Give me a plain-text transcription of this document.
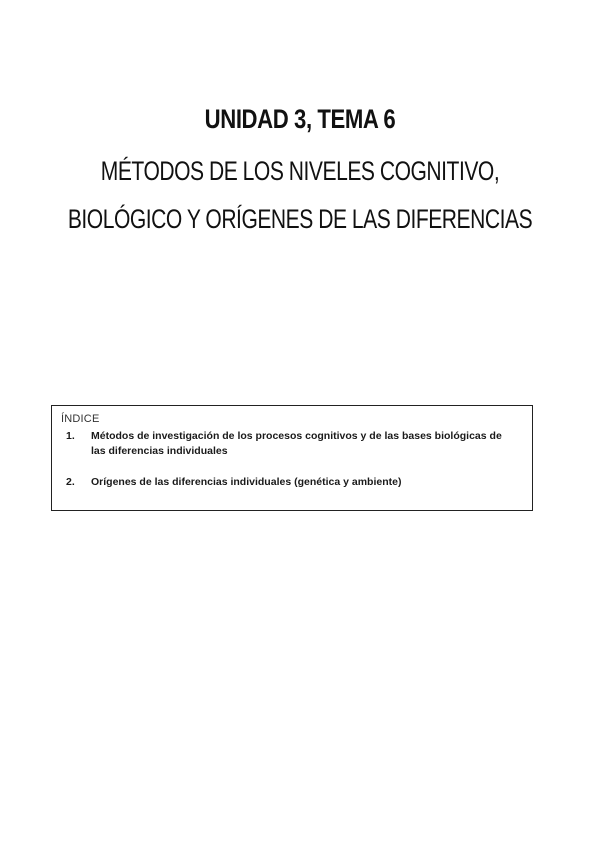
UNIDAD 3, TEMA 6
MÉTODOS DE LOS NIVELES COGNITIVO,
BIOLÓGICO Y ORÍGENES DE LAS DIFERENCIAS
ÍNDICE
1.	Métodos de investigación de los procesos cognitivos y de las bases biológicas de las diferencias individuales
2.	Orígenes de las diferencias individuales (genética y ambiente)
